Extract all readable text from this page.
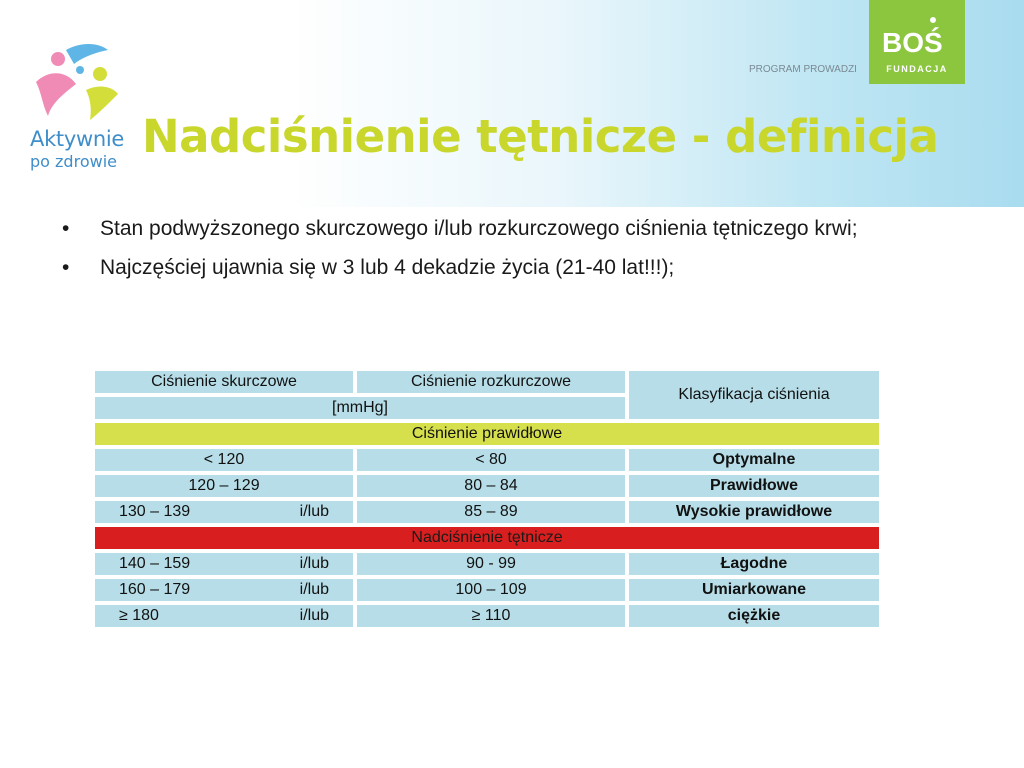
Aktywnie
po zdrowie Nadciśnienie tętnicze - definicja
PROGRAM PROWADZI
BOŚ
FUNDACJA
• Stan podwyższonego skurczowego i/lub rozkurczowego ciśnienia tętniczego krwi;
• Najczęściej ujawnia się w 3 lub 4 dekadzie życia (21-40 lat!!!);
Ciśnienie skurczowe		Ciśnienie rozkurczowe		Klasyfikacja ciśnienia
[mmHg]				
Ciśnienie prawidłowe				
< 120		< 80		Optymalne
120 – 129		80 – 84		Prawidłowe

130 – 139 i/lub		85 – 89		Wysokie prawidłowe
Nadciśnienie tętnicze				

140 – 159 i/lub		90 - 99		Łagodne

160 – 179 i/lub		100 – 109		Umiarkowane

≥ 180 i/lub		≥ 110		ciężkie
